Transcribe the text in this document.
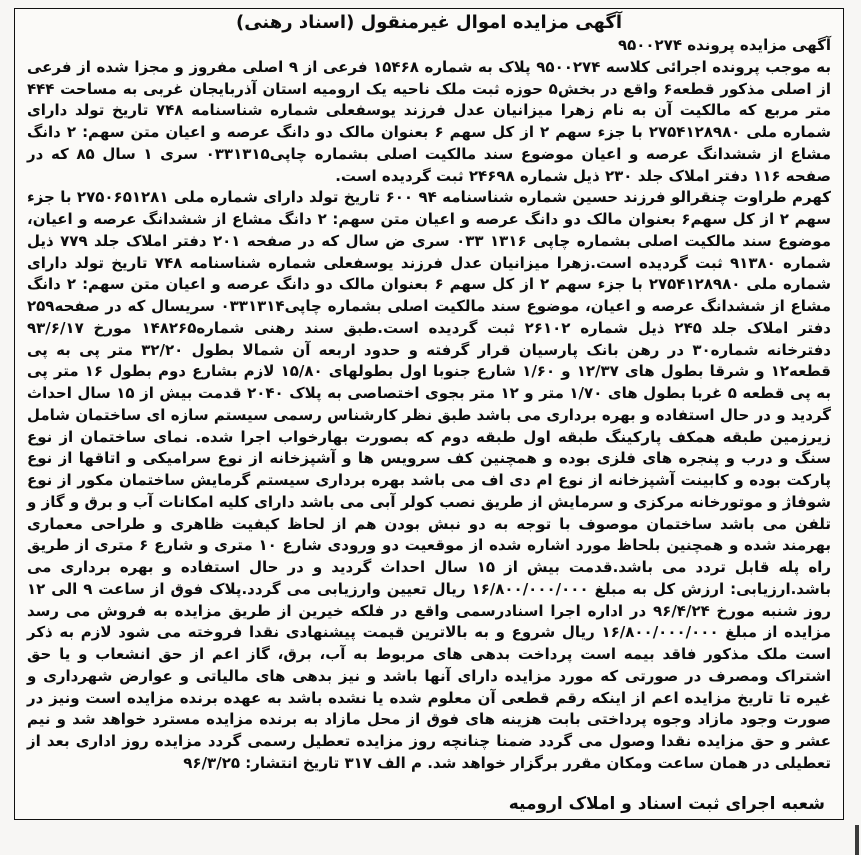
آگهی مزایده اموال غیرمنقول (اسناد رهنی)

آگهی مزایده پرونده ۹۵۰۰۲۷۴

به موجب پرونده اجرائی کلاسه ۹۵۰۰۲۷۴ پلاک به شماره ۱۵۴۶۸ فرعی از ۹ اصلی مفروز و مجزا شده از فرعی از اصلی مذکور قطعه۶ واقع در بخش۵ حوزه ثبت ملک ناحیه یک ارومیه استان آذربایجان غربی به مساحت ۴۴۴ متر مربع که مالکیت آن به نام زهرا میزانیان عدل فرزند یوسفعلی شماره شناسنامه ۷۴۸ تاریخ تولد دارای شماره ملی ۲۷۵۴۱۲۸۹۸۰ با جزء سهم ۲ از کل سهم ۶ بعنوان مالک دو دانگ عرصه و اعیان متن سهم: ۲ دانگ مشاع از ششدانگ عرصه و اعیان موضوع سند مالکیت اصلی بشماره چاپی۰۳۳۱۳۱۵ سری ۱ سال ۸۵ که در صفحه ۱۱۶ دفتر املاک جلد ۲۳۰ ذیل شماره ۲۴۶۹۸ ثبت گردیده است.

کهرم طراوت چنقرالو فرزند حسین شماره شناسنامه ۹۴ ۶۰۰ تاریخ تولد دارای شماره ملی ۲۷۵۰۶۵۱۲۸۱ با جزء سهم ۲ از کل سهم۶ بعنوان مالک دو دانگ عرصه و اعیان متن سهم: ۲ دانگ مشاع از ششدانگ عرصه و اعیان، موضوع سند مالکیت اصلی بشماره چاپی ۱۳۱۶ ۰۳۳ سری ض سال که در صفحه ۲۰۱ دفتر املاک جلد ۷۷۹ ذیل شماره ۹۱۳۸۰ ثبت گردیده است.زهرا میزانیان عدل فرزند یوسفعلی شماره شناسنامه ۷۴۸ تاریخ تولد دارای شماره ملی ۲۷۵۴۱۲۸۹۸۰ با جزء سهم ۲ از کل سهم ۶ بعنوان مالک دو دانگ عرصه و اعیان متن سهم: ۲ دانگ مشاع از ششدانگ عرصه و اعیان، موضوع سند مالکیت اصلی بشماره چاپی۰۳۳۱۳۱۴ سریسال که در صفحه۲۵۹ دفتر املاک جلد ۲۴۵ ذیل شماره ۲۶۱۰۲ ثبت گردیده است.طبق سند رهنی شماره۱۴۸۲۶۵ مورخ ۹۳/۶/۱۷ دفترخانه شماره۳۰ در رهن بانک پارسیان قرار گرفته و حدود اربعه آن شمالا بطول ۳۲/۲۰ متر پی به پی قطعه۱۲ و شرقا بطول های ۱۲/۳۷ و ۱/۶۰ شارع جنوبا اول بطولهای ۱۵/۸۰ لازم بشارع دوم بطول ۱۶ متر پی به پی قطعه ۵ غربا بطول های ۱/۷۰ متر و ۱۲ متر بجوی اختصاصی به پلاک ۲۰۴۰ قدمت بیش از ۱۵ سال احداث گردید و در حال استفاده و بهره برداری می باشد طبق نظر کارشناس رسمی سیستم سازه ای ساختمان شامل زیرزمین طبقه همکف پارکینگ طبقه اول طبقه دوم که بصورت بهارخواب اجرا شده. نمای ساختمان از نوع سنگ و درب و پنجره های فلزی بوده و همچنین کف سرویس ها و آشپزخانه از نوع سرامیکی و اتاقها از نوع پارکت بوده و کابینت آشپزخانه از نوع ام دی اف می باشد بهره برداری سیستم گرمایش ساختمان مکور از نوع شوفاژ و موتورخانه مرکزی و سرمایش از طریق نصب کولر آبی می باشد دارای کلیه امکانات آب و برق و گاز و تلفن می باشد ساختمان موصوف با توجه به دو نبش بودن هم از لحاظ کیفیت ظاهری و طراحی معماری بهرمند شده و همچنین بلحاظ مورد اشاره شده از موقعیت دو ورودی شارع ۱۰ متری و شارع ۶ متری از طریق راه پله قابل تردد می باشد.قدمت بیش از ۱۵ سال احداث گردید و در حال استفاده و بهره برداری می باشد.ارزیابی: ارزش کل به مبلغ ۱۶/۸۰۰/۰۰۰/۰۰۰ ریال تعیین وارزیابی می گردد.پلاک فوق از ساعت ۹ الی ۱۲ روز شنبه مورخ ۹۶/۴/۲۴ در اداره اجرا اسنادرسمی واقع در فلکه خیرین از طریق مزایده به فروش می رسد مزایده از مبلغ ۱۶/۸۰۰/۰۰۰/۰۰۰ ریال شروع و به بالاترین قیمت پیشنهادی نقدا فروخته می شود لازم به ذکر است ملک مذکور فاقد بیمه است پرداخت بدهی های مربوط به آب، برق، گاز اعم از حق انشعاب و یا حق اشتراک ومصرف در صورتی که مورد مزایده دارای آنها باشد و نیز بدهی های مالیاتی و عوارض شهرداری و غیره تا تاریخ مزایده اعم از اینکه رقم قطعی آن معلوم شده یا نشده باشد به عهده برنده مزایده است ونیز در صورت وجود مازاد وجوه پرداختی بابت هزینه های فوق از محل مازاد به برنده مزایده مسترد خواهد شد و نیم عشر و حق مزایده نقدا وصول می گردد ضمنا چنانچه روز مزایده تعطیل رسمی گردد مزایده روز اداری بعد از تعطیلی در همان ساعت ومکان مقرر برگزار خواهد شد. م الف ۳۱۷ تاریخ انتشار: ۹۶/۳/۲۵

شعبه اجرای ثبت اسناد و املاک ارومیه
